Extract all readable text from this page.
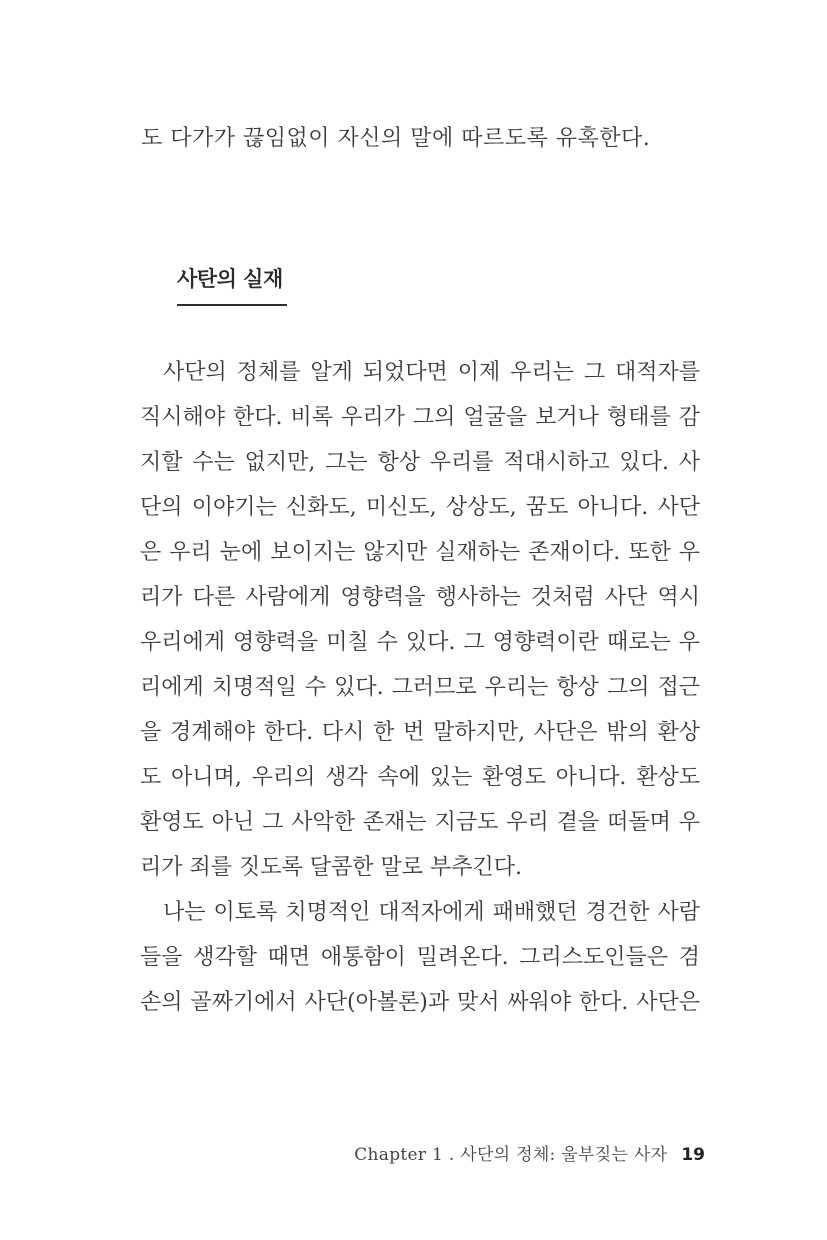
도 다가가 끊임없이 자신의 말에 따르도록 유혹한다.
사탄의 실재
사단의 정체를 알게 되었다면 이제 우리는 그 대적자를
직시해야 한다. 비록 우리가 그의 얼굴을 보거나 형태를 감
지할 수는 없지만, 그는 항상 우리를 적대시하고 있다. 사
단의 이야기는 신화도, 미신도, 상상도, 꿈도 아니다. 사단
은 우리 눈에 보이지는 않지만 실재하는 존재이다. 또한 우
리가 다른 사람에게 영향력을 행사하는 것처럼 사단 역시
우리에게 영향력을 미칠 수 있다. 그 영향력이란 때로는 우
리에게 치명적일 수 있다. 그러므로 우리는 항상 그의 접근
을 경계해야 한다. 다시 한 번 말하지만, 사단은 밖의 환상
도 아니며, 우리의 생각 속에 있는 환영도 아니다. 환상도
환영도 아닌 그 사악한 존재는 지금도 우리 곁을 떠돌며 우
리가 죄를 짓도록 달콤한 말로 부추긴다.
나는 이토록 치명적인 대적자에게 패배했던 경건한 사람
들을 생각할 때면 애통함이 밀려온다. 그리스도인들은 겸
손의 골짜기에서 사단(아볼론)과 맞서 싸워야 한다. 사단은
Chapter 1 . 사단의 정체: 울부짖는 사자 19
